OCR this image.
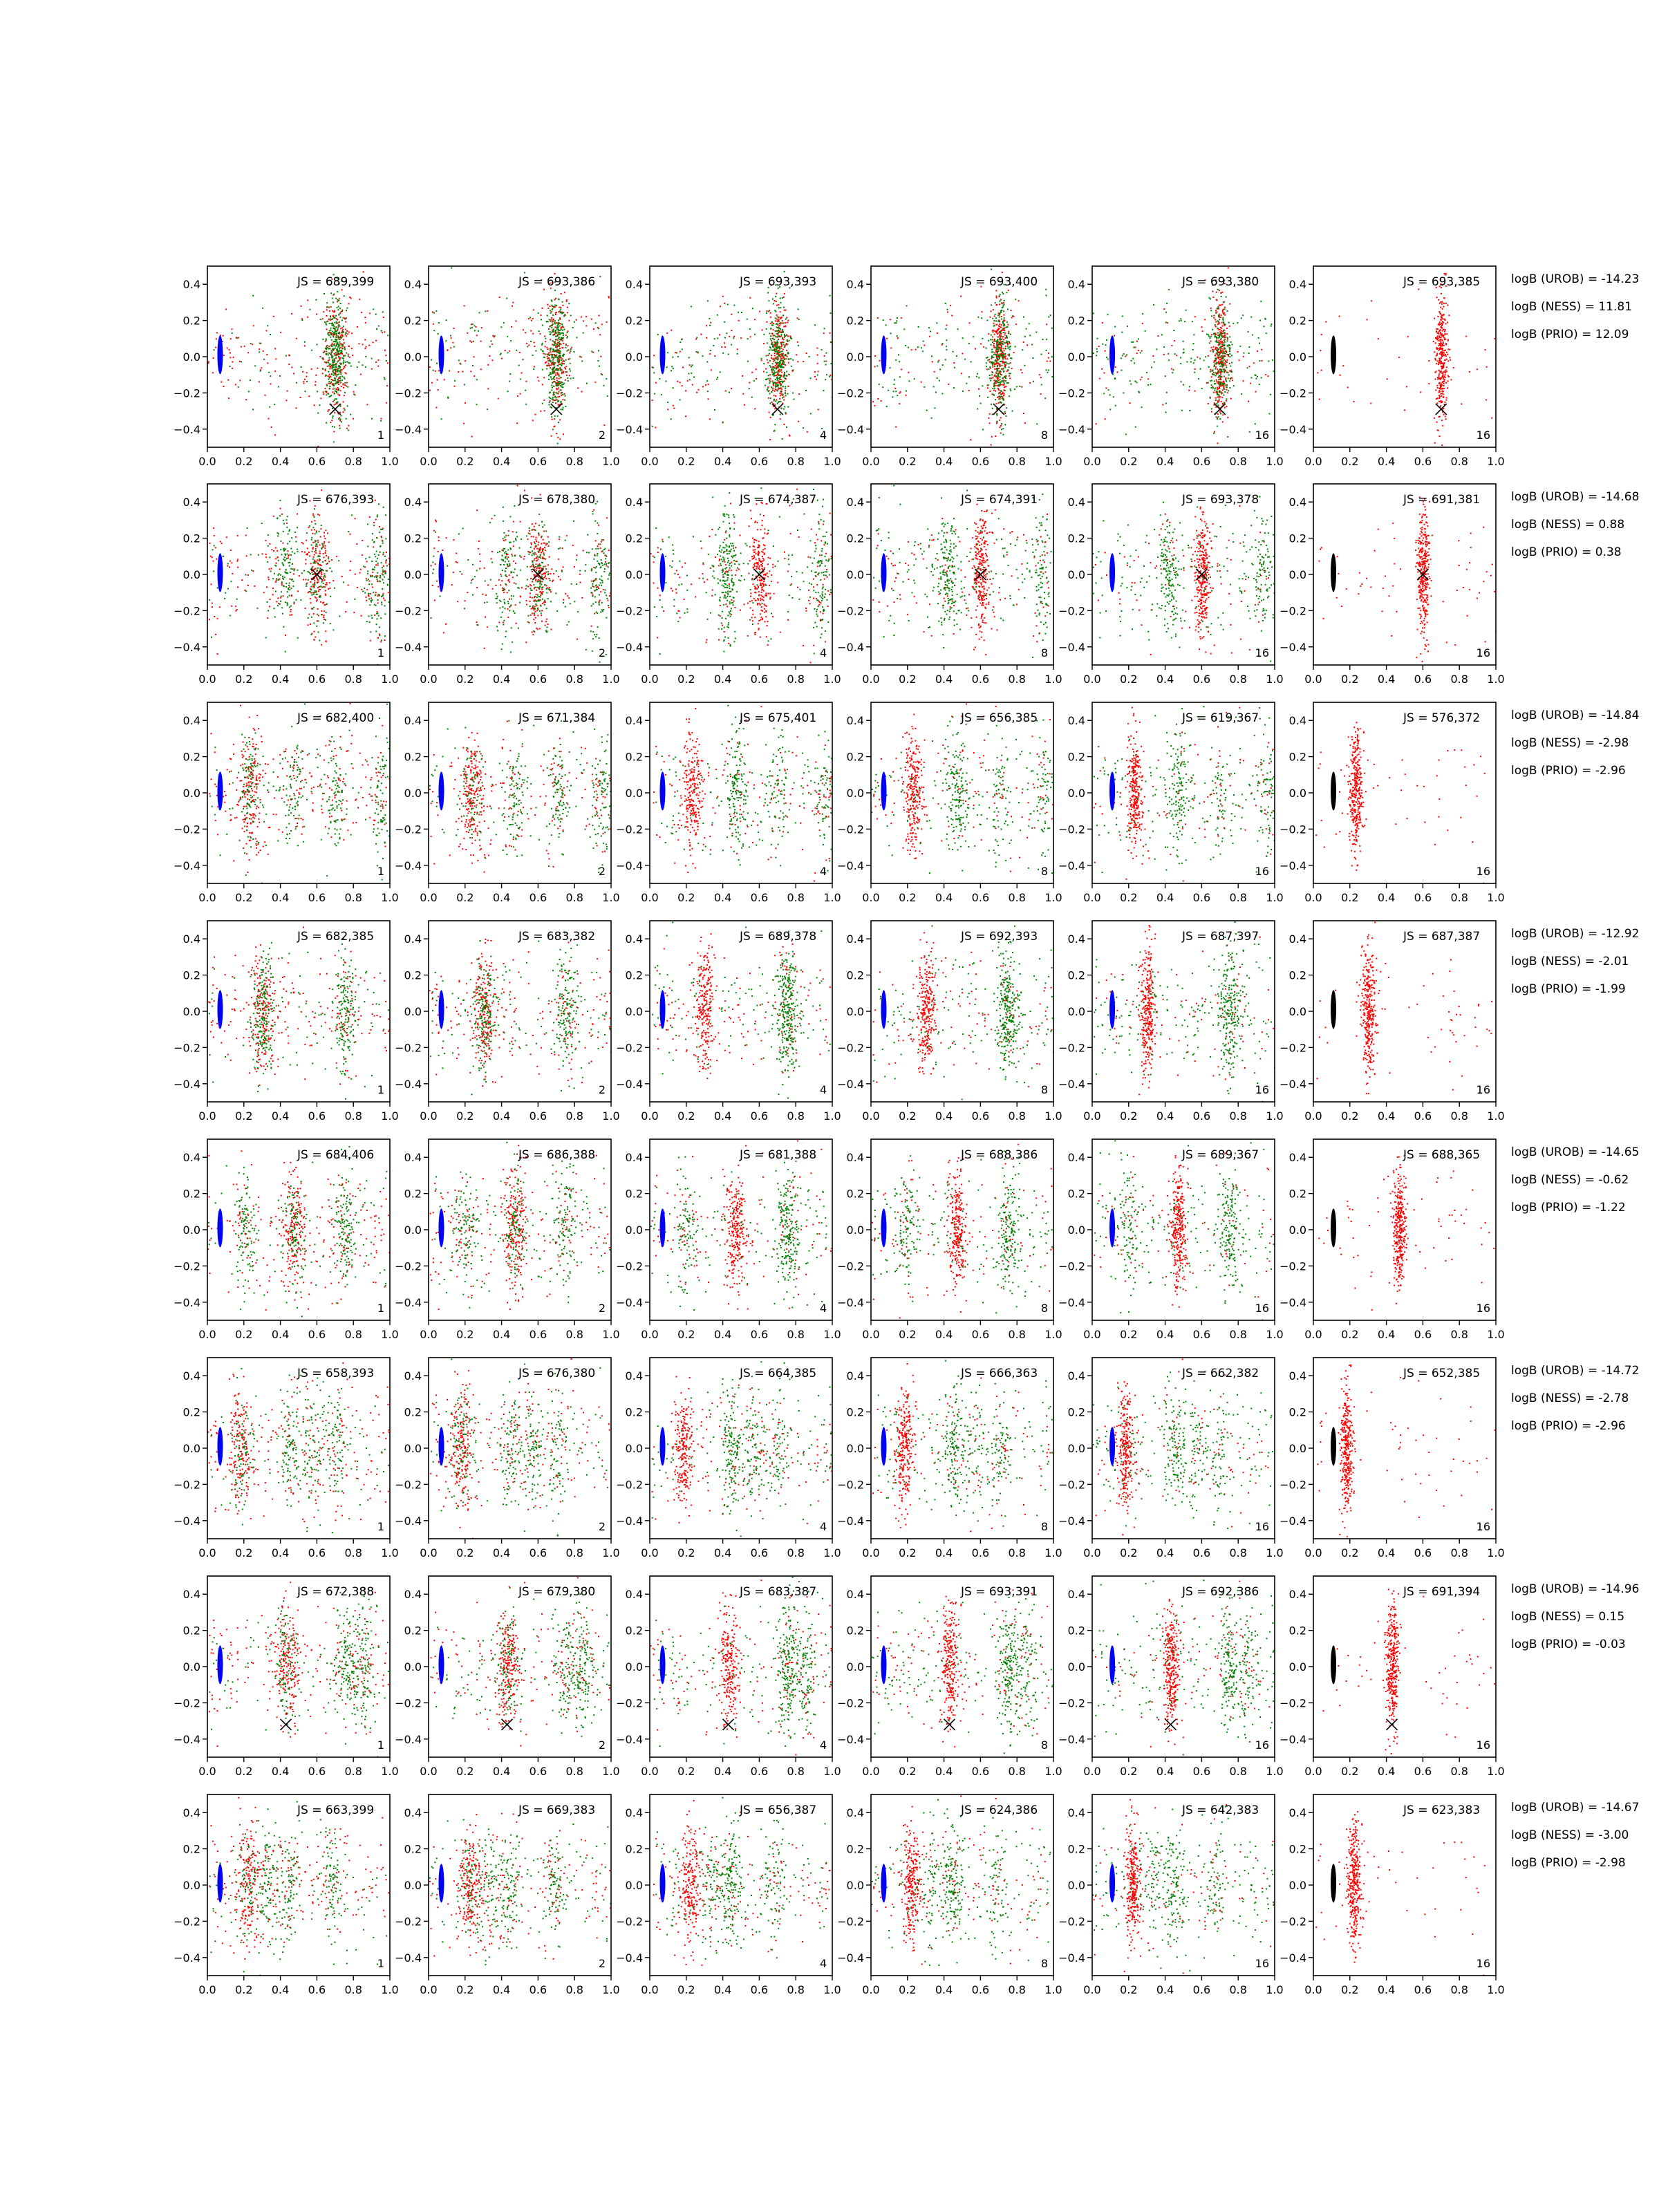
0.0 0.2 0.4 0.6 0.8 1.0
0.4
0.2
0.0
−0.2
−0.4
JS = 689,399
1
0.0 0.2 0.4 0.6 0.8 1.0
0.4
0.2
0.0
−0.2
−0.4
JS = 693,386
2
0.0 0.2 0.4 0.6 0.8 1.0
0.4
0.2
0.0
−0.2
−0.4
JS = 693,393
4
0.0 0.2 0.4 0.6 0.8 1.0
0.4
0.2
0.0
−0.2
−0.4
JS = 693,400
8
0.0 0.2 0.4 0.6 0.8 1.0
0.4
0.2
0.0
−0.2
−0.4
JS = 693,380
16
0.0 0.2 0.4 0.6 0.8 1.0
0.4
0.2
0.0
−0.2
−0.4
JS = 693,385
16
logB (UROB) = -14.23
logB (NESS) = 11.81
logB (PRIO) = 12.09
0.0 0.2 0.4 0.6 0.8 1.0
0.4
0.2
0.0
−0.2
−0.4
JS = 676,393
1
0.0 0.2 0.4 0.6 0.8 1.0
0.4
0.2
0.0
−0.2
−0.4
JS = 678,380
2
0.0 0.2 0.4 0.6 0.8 1.0
0.4
0.2
0.0
−0.2
−0.4
JS = 674,387
4
0.0 0.2 0.4 0.6 0.8 1.0
0.4
0.2
0.0
−0.2
−0.4
JS = 674,391
8
0.0 0.2 0.4 0.6 0.8 1.0
0.4
0.2
0.0
−0.2
−0.4
JS = 693,378
16
0.0 0.2 0.4 0.6 0.8 1.0
0.4
0.2
0.0
−0.2
−0.4
JS = 691,381
16
logB (UROB) = -14.68
logB (NESS) = 0.88
logB (PRIO) = 0.38
0.0 0.2 0.4 0.6 0.8 1.0
0.4
0.2
0.0
−0.2
−0.4
JS = 682,400
1
0.0 0.2 0.4 0.6 0.8 1.0
0.4
0.2
0.0
−0.2
−0.4
JS = 671,384
2
0.0 0.2 0.4 0.6 0.8 1.0
0.4
0.2
0.0
−0.2
−0.4
JS = 675,401
4
0.0 0.2 0.4 0.6 0.8 1.0
0.4
0.2
0.0
−0.2
−0.4
JS = 656,385
8
0.0 0.2 0.4 0.6 0.8 1.0
0.4
0.2
0.0
−0.2
−0.4
JS = 619,367
16
0.0 0.2 0.4 0.6 0.8 1.0
0.4
0.2
0.0
−0.2
−0.4
JS = 576,372
16
logB (UROB) = -14.84
logB (NESS) = -2.98
logB (PRIO) = -2.96
0.0 0.2 0.4 0.6 0.8 1.0
0.4
0.2
0.0
−0.2
−0.4
JS = 682,385
1
0.0 0.2 0.4 0.6 0.8 1.0
0.4
0.2
0.0
−0.2
−0.4
JS = 683,382
2
0.0 0.2 0.4 0.6 0.8 1.0
0.4
0.2
0.0
−0.2
−0.4
JS = 689,378
4
0.0 0.2 0.4 0.6 0.8 1.0
0.4
0.2
0.0
−0.2
−0.4
JS = 692,393
8
0.0 0.2 0.4 0.6 0.8 1.0
0.4
0.2
0.0
−0.2
−0.4
JS = 687,397
16
0.0 0.2 0.4 0.6 0.8 1.0
0.4
0.2
0.0
−0.2
−0.4
JS = 687,387
16
logB (UROB) = -12.92
logB (NESS) = -2.01
logB (PRIO) = -1.99
0.0 0.2 0.4 0.6 0.8 1.0
0.4
0.2
0.0
−0.2
−0.4
JS = 684,406
1
0.0 0.2 0.4 0.6 0.8 1.0
0.4
0.2
0.0
−0.2
−0.4
JS = 686,388
2
0.0 0.2 0.4 0.6 0.8 1.0
0.4
0.2
0.0
−0.2
−0.4
JS = 681,388
4
0.0 0.2 0.4 0.6 0.8 1.0
0.4
0.2
0.0
−0.2
−0.4
JS = 688,386
8
0.0 0.2 0.4 0.6 0.8 1.0
0.4
0.2
0.0
−0.2
−0.4
JS = 689,367
16
0.0 0.2 0.4 0.6 0.8 1.0
0.4
0.2
0.0
−0.2
−0.4
JS = 688,365
16
logB (UROB) = -14.65
logB (NESS) = -0.62
logB (PRIO) = -1.22
0.0 0.2 0.4 0.6 0.8 1.0
0.4
0.2
0.0
−0.2
−0.4
JS = 658,393
1
0.0 0.2 0.4 0.6 0.8 1.0
0.4
0.2
0.0
−0.2
−0.4
JS = 676,380
2
0.0 0.2 0.4 0.6 0.8 1.0
0.4
0.2
0.0
−0.2
−0.4
JS = 664,385
4
0.0 0.2 0.4 0.6 0.8 1.0
0.4
0.2
0.0
−0.2
−0.4
JS = 666,363
8
0.0 0.2 0.4 0.6 0.8 1.0
0.4
0.2
0.0
−0.2
−0.4
JS = 662,382
16
0.0 0.2 0.4 0.6 0.8 1.0
0.4
0.2
0.0
−0.2
−0.4
JS = 652,385
16
logB (UROB) = -14.72
logB (NESS) = -2.78
logB (PRIO) = -2.96
0.0 0.2 0.4 0.6 0.8 1.0
0.4
0.2
0.0
−0.2
−0.4
JS = 672,388
1
0.0 0.2 0.4 0.6 0.8 1.0
0.4
0.2
0.0
−0.2
−0.4
JS = 679,380
2
0.0 0.2 0.4 0.6 0.8 1.0
0.4
0.2
0.0
−0.2
−0.4
JS = 683,387
4
0.0 0.2 0.4 0.6 0.8 1.0
0.4
0.2
0.0
−0.2
−0.4
JS = 693,391
8
0.0 0.2 0.4 0.6 0.8 1.0
0.4
0.2
0.0
−0.2
−0.4
JS = 692,386
16
0.0 0.2 0.4 0.6 0.8 1.0
0.4
0.2
0.0
−0.2
−0.4
JS = 691,394
16
logB (UROB) = -14.96
logB (NESS) = 0.15
logB (PRIO) = -0.03
0.0 0.2 0.4 0.6 0.8 1.0
0.4
0.2
0.0
−0.2
−0.4
JS = 663,399
1
0.0 0.2 0.4 0.6 0.8 1.0
0.4
0.2
0.0
−0.2
−0.4
JS = 669,383
2
0.0 0.2 0.4 0.6 0.8 1.0
0.4
0.2
0.0
−0.2
−0.4
JS = 656,387
4
0.0 0.2 0.4 0.6 0.8 1.0
0.4
0.2
0.0
−0.2
−0.4
JS = 624,386
8
0.0 0.2 0.4 0.6 0.8 1.0
0.4
0.2
0.0
−0.2
−0.4
JS = 642,383
16
0.0 0.2 0.4 0.6 0.8 1.0
0.4
0.2
0.0
−0.2
−0.4
JS = 623,383
16
logB (UROB) = -14.67
logB (NESS) = -3.00
logB (PRIO) = -2.98
